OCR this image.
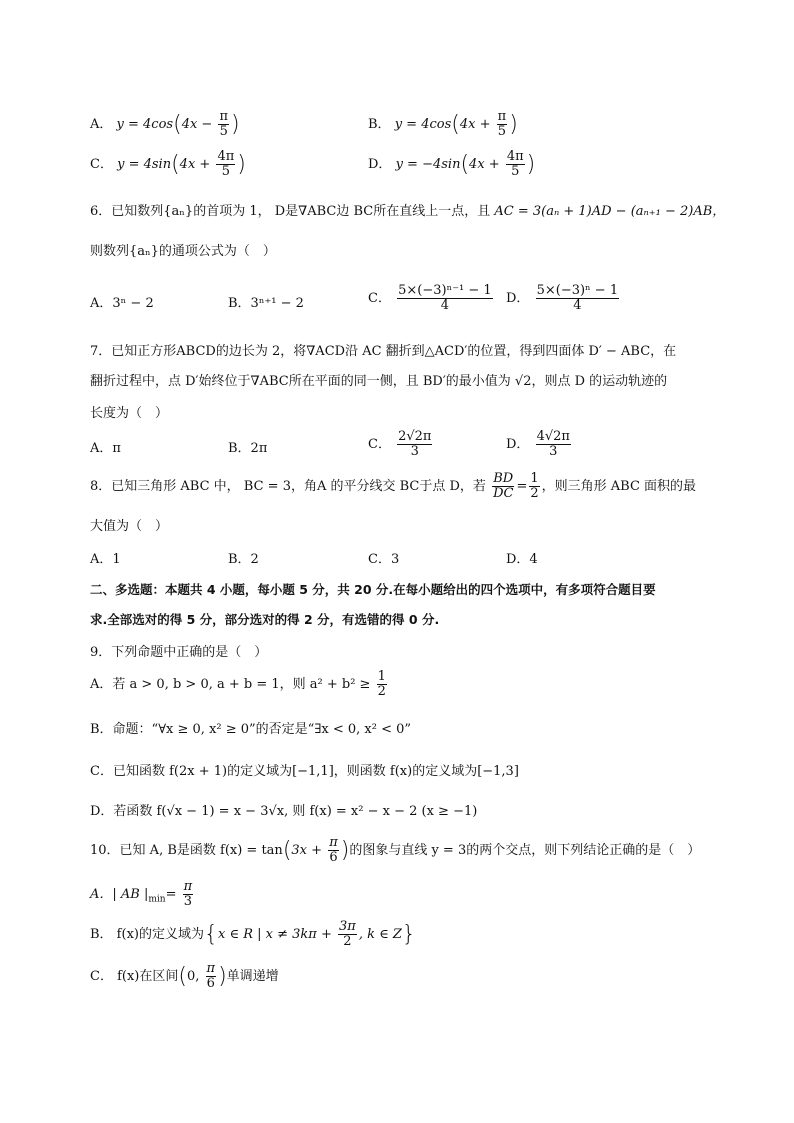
A． $y = 4\cos(4x - \frac{\pi}{5}$ )	B． $y = 4\cos(4x + \frac{\pi}{5}$ )
C． $y = 4\sin(4x + \frac{4\pi}{5}$ )	D． $y = -4\sin(4x + \frac{4\pi}{5}$ )
6．已知数列{aₙ}的首项为 1， D是∇ABC边 BC所在直线上一点，且 AC = 3(aₙ + 1)AD − (aₙ₊₁ − 2)AB，
则数列{aₙ}的通项公式为（　）
A．3ⁿ − 2	B．3ⁿ⁺¹ − 2	C． $\frac{\text{5×(−3)ⁿ⁻¹ − 1}}{4}$ D． $\frac{\text{5×(−3)ⁿ − 1}}{4}$
7．已知正方形ABCD的边长为 2，将∇ACD沿 AC 翻折到△ACD′的位置，得到四面体 D′ − ABC，在
翻折过程中，点 D′始终位于∇ABC所在平面的同一侧，且 BD′的最小值为 √2，则点 D 的运动轨迹的
长度为（　）
A．π	B．2π	C． $\frac{2√2\pi}{3}$	D． $\frac{4√2\pi}{3}$
8．已知三角形 ABC 中， BC = 3，角A 的平分线交 BC于点 D，若 $\frac{BD}{DC} = \frac{1}{2}$ ，则三角形 ABC 面积的最
大值为（　）
A．1	B．2	C．3	D．4
二、多选题：本题共 4 小题，每小题 5 分，共 20 分.在每小题给出的四个选项中，有多项符合题目要
求.全部选对的得 5 分，部分选对的得 2 分，有选错的得 0 分.
9．下列命题中正确的是（　）
A．若 a > 0, b > 0, a + b = 1，则 $a^2 + b^2 \ge \frac{1}{2}$
B．命题：“∀x ≥ 0, x² ≥ 0”的否定是“∃x < 0, x² < 0”
C．已知函数 f(2x + 1)的定义域为[−1,1]，则函数 f(x)的定义域为[−1,3]
D．若函数 f(√x − 1) = x − 3√x, 则 f(x) = x² − x − 2 (x ≥ −1)
10．已知 A, B是函数 $f(x) = \tan(3x + \frac{\pi}{6}$ )的图象与直线 y = 3的两个交点，则下列结论正确的是（　）
A．| AB $|_{min}= \frac{\pi}{3}$
B． f(x)的定义域为{x ∈ R | $x \ne 3k\pi + \frac{3\pi}{2}$ , k ∈ Z}
C． f(x)在区间(0, $\frac{\pi}{6}$ )单调递增
